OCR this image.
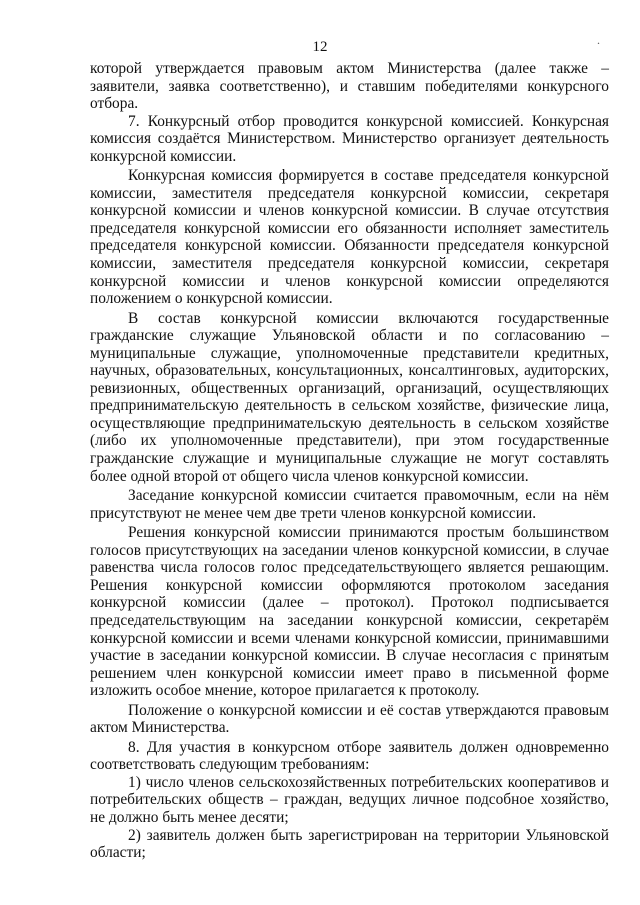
.
12

которой утверждается правовым актом Министерства (далее также – заявители, заявка соответственно), и ставшим победителями конкурсного отбора.

7. Конкурсный отбор проводится конкурсной комиссией. Конкурсная комиссия создаётся Министерством. Министерство организует деятельность конкурсной комиссии.

Конкурсная комиссия формируется в составе председателя конкурсной комиссии, заместителя председателя конкурсной комиссии, секретаря конкурсной комиссии и членов конкурсной комиссии. В случае отсутствия председателя конкурсной комиссии его обязанности исполняет заместитель председателя конкурсной комиссии. Обязанности председателя конкурсной комиссии, заместителя председателя конкурсной комиссии, секретаря конкурсной комиссии и членов конкурсной комиссии определяются положением о конкурсной комиссии.

В состав конкурсной комиссии включаются государственные гражданские служащие Ульяновской области и по согласованию – муниципальные служащие, уполномоченные представители кредитных, научных, образовательных, консультационных, консалтинговых, аудиторских, ревизионных, общественных организаций, организаций, осуществляющих предпринимательскую деятельность в сельском хозяйстве, физические лица, осуществляющие предпринимательскую деятельность в сельском хозяйстве (либо их уполномоченные представители), при этом государственные гражданские служащие и муниципальные служащие не могут составлять более одной второй от общего числа членов конкурсной комиссии.

Заседание конкурсной комиссии считается правомочным, если на нём присутствуют не менее чем две трети членов конкурсной комиссии.

Решения конкурсной комиссии принимаются простым большинством голосов присутствующих на заседании членов конкурсной комиссии, в случае равенства числа голосов голос председательствующего является решающим. Решения конкурсной комиссии оформляются протоколом заседания конкурсной комиссии (далее – протокол). Протокол подписывается председательствующим на заседании конкурсной комиссии, секретарём конкурсной комиссии и всеми членами конкурсной комиссии, принимавшими участие в заседании конкурсной комиссии. В случае несогласия с принятым решением член конкурсной комиссии имеет право в письменной форме изложить особое мнение, которое прилагается к протоколу.

Положение о конкурсной комиссии и её состав утверждаются правовым актом Министерства.

8. Для участия в конкурсном отборе заявитель должен одновременно соответствовать следующим требованиям:

1) число членов сельскохозяйственных потребительских кооперативов и потребительских обществ – граждан, ведущих личное подсобное хозяйство, не должно быть менее десяти;

2) заявитель должен быть зарегистрирован на территории Ульяновской области;
